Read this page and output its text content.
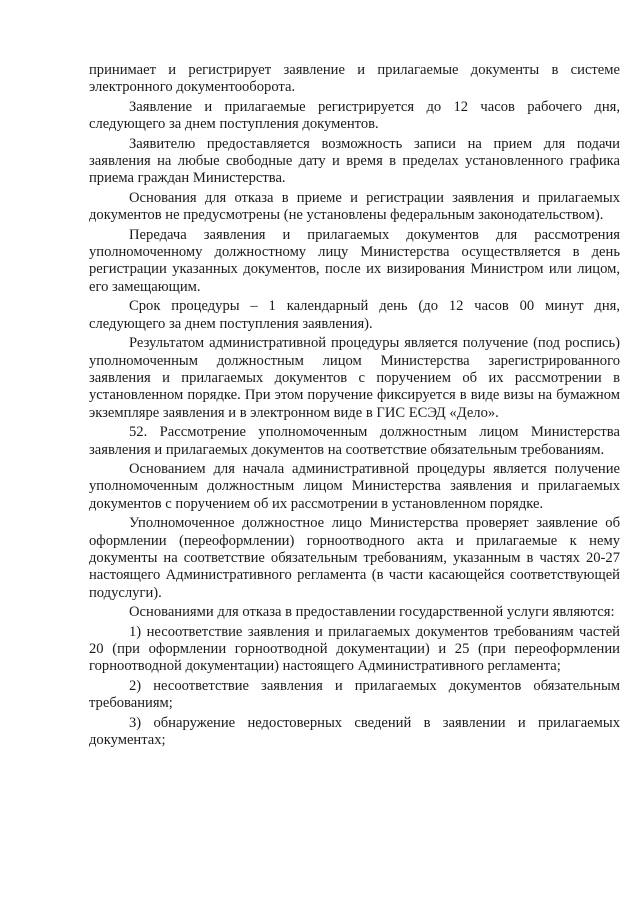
принимает и регистрирует заявление и прилагаемые документы в системе электронного документооборота.

Заявление и прилагаемые регистрируется до 12 часов рабочего дня, следующего за днем поступления документов.

Заявителю предоставляется возможность записи на прием для подачи заявления на любые свободные дату и время в пределах установленного графика приема граждан Министерства.

Основания для отказа в приеме и регистрации заявления и прилагаемых документов не предусмотрены (не установлены федеральным законодательством).

Передача заявления и прилагаемых документов для рассмотрения уполномоченному должностному лицу Министерства осуществляется в день регистрации указанных документов, после их визирования Министром или лицом, его замещающим.

Срок процедуры – 1 календарный день (до 12 часов 00 минут дня, следующего за днем поступления заявления).

Результатом административной процедуры является получение (под роспись) уполномоченным должностным лицом Министерства зарегистрированного заявления и прилагаемых документов с поручением об их рассмотрении в установленном порядке. При этом поручение фиксируется в виде визы на бумажном экземпляре заявления и в электронном виде в ГИС ЕСЭД «Дело».

52. Рассмотрение уполномоченным должностным лицом Министерства заявления и прилагаемых документов на соответствие обязательным требованиям.

Основанием для начала административной процедуры является получение уполномоченным должностным лицом Министерства заявления и прилагаемых документов с поручением об их рассмотрении в установленном порядке.

Уполномоченное должностное лицо Министерства проверяет заявление об оформлении (переоформлении) горноотводного акта и прилагаемые к нему документы на соответствие обязательным требованиям, указанным в частях 20-27 настоящего Административного регламента (в части касающейся соответствующей подуслуги).

Основаниями для отказа в предоставлении государственной услуги являются:

1) несоответствие заявления и прилагаемых документов требованиям частей 20 (при оформлении горноотводной документации) и 25 (при переоформлении горноотводной документации) настоящего Административного регламента;

2) несоответствие заявления и прилагаемых документов обязательным требованиям;

3) обнаружение недостоверных сведений в заявлении и прилагаемых документах;
